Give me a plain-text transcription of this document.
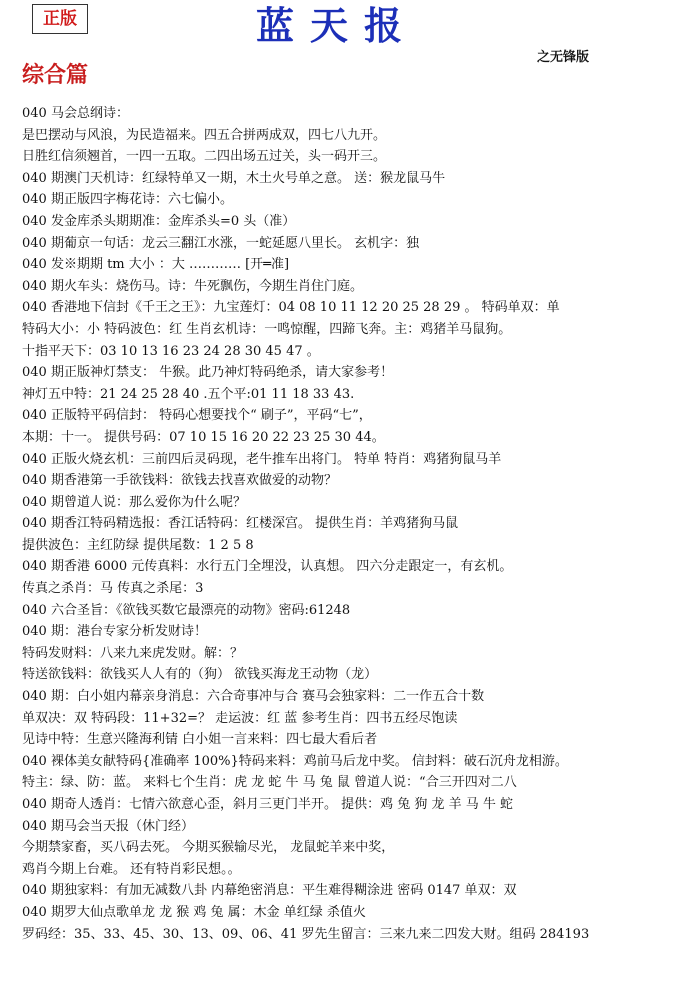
正版	蓝天报
之无锋版
综合篇
040 马会总纲诗：
是巴摆动与风浪，为民造福来。四五合拼两成双，四七八九开。
日胜红信须翘首，一四一五取。二四出场五过关，头一码开三。
040 期澳门天机诗：红绿特单又一期，木土火号单之意。 送：猴龙鼠马牛
040 期正版四字梅花诗：六七偏小。
040 发金库杀头期期准：金库杀头=0 头（准）
040 期葡京一句话：龙云三翻江水涨，一蛇延愿八里长。 玄机字：独
040 发※期期 tm 大小 ：大 ………… [开═准]
040 期火车头：烧伤马。诗：牛死飘伤，今期生肖住门庭。
040 香港地下信封《千王之王》：九宝莲灯：04 08 10 11 12 20 25 28 29 。 特码单双：单
特码大小：小 特码波色：红 生肖玄机诗：一鸣惊醒，四蹄飞奔。主：鸡猪羊马鼠狗。
十指平天下：03 10 13 16 23 24 28 30 45 47 。
040 期正版神灯禁支： 牛猴。此乃神灯特码绝杀，请大家参考！
神灯五中特：21 24 25 28 40 .五个平:01 11 18 33 43.
040 正版特平码信封： 特码心想要找个“ 刷子”，平码“七”，
本期：十一。 提供号码：07 10 15 16 20 22 23 25 30 44。
040 正版火烧玄机：三前四后灵码现，老牛推车出将门。 特单 特肖：鸡猪狗鼠马羊
040 期香港第一手欲钱料：欲钱去找喜欢做爱的动物？
040 期曾道人说：那么爱你为什么呢？
040 期香江特码精选报：香江话特码：红楼深宫。 提供生肖：羊鸡猪狗马鼠
提供波色：主红防绿 提供尾数：1 2 5 8
040 期香港 6000 元传真料：水行五门全埋没，认真想。 四六分走跟定一，有玄机。
传真之杀肖：马 传真之杀尾：3
040 六合圣旨：《欲钱买数它最漂亮的动物》密码:61248
040 期：港台专家分析发财诗！
特码发财料：八来九来虎发财。解：？
特送欲钱料：欲钱买人人有的（狗） 欲钱买海龙王动物（龙）
040 期：白小姐内幕亲身消息：六合奇事冲与合 赛马会独家料：二一作五合十数
单双决：双 特码段：11+32=？ 走运波：红 蓝 参考生肖：四书五经尽饱读
见诗中特：生意兴隆海利锖 白小姐一言来料：四七最大看后者
040 裸体美女献特码{准确率 100%}特码来料：鸡前马后龙中奖。 信封料：破石沉舟龙相游。
特主：绿、防：蓝。 来料七个生肖：虎 龙 蛇 牛 马 兔 鼠 曾道人说：“合三开四对二八
040 期奇人透肖：七情六欲意心歪，斜月三更门半开。 提供：鸡 兔 狗 龙 羊 马 牛 蛇
040 期马会当天报（休门经）
今期禁家畜，买八码去死。 今期买猴输尽光， 龙鼠蛇羊来中奖，
鸡肖今期上台难。 还有特肖彩民想。。
040 期独家料：有加无减数八卦 内幕绝密消息：平生难得糊涂进 密码 0147 单双：双
040 期罗大仙点歌单龙 龙 猴 鸡 兔 属：木金 单红绿 杀值火
罗码经：35、33、45、30、13、09、06、41 罗先生留言：三来九来二四发大财。组码 284193
